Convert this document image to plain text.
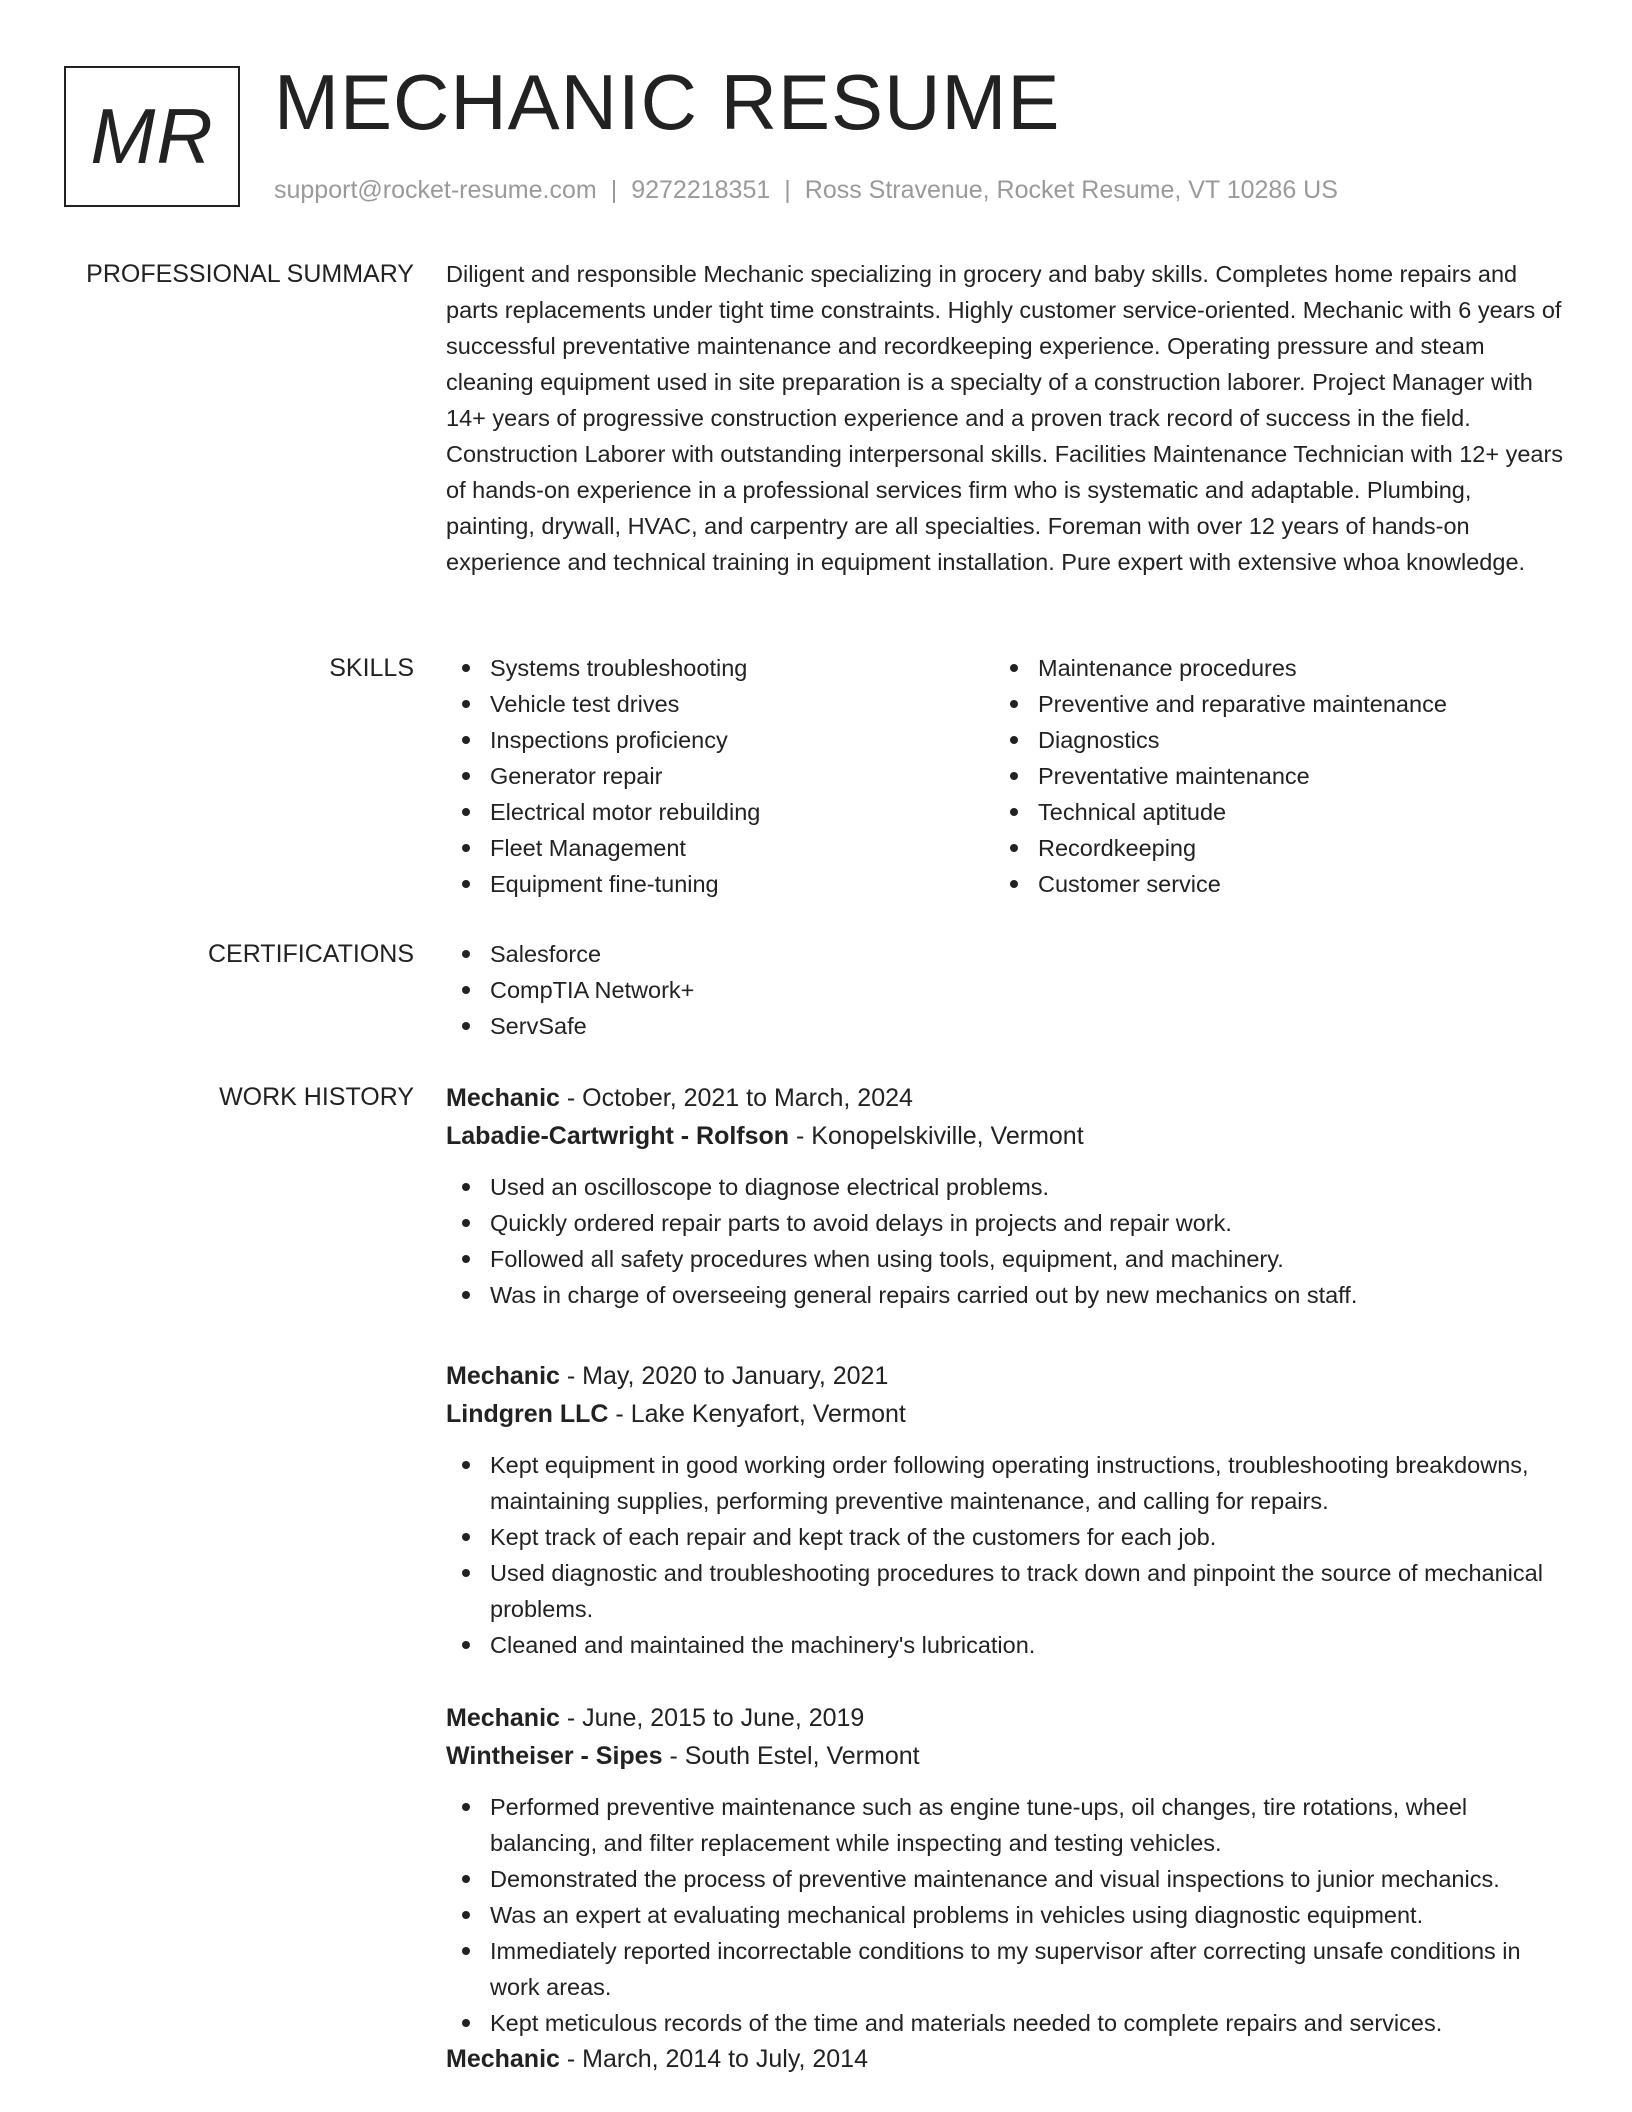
MR MECHANIC RESUME
support@rocket-resume.com | 9272218351 | Ross Stravenue, Rocket Resume, VT 10286 US
PROFESSIONAL SUMMARY Diligent and responsible Mechanic specializing in grocery and baby skills. Completes home repairs and parts replacements under tight time constraints. Highly customer service-oriented. Mechanic with 6 years of successful preventative maintenance and recordkeeping experience. Operating pressure and steam cleaning equipment used in site preparation is a specialty of a construction laborer. Project Manager with 14+ years of progressive construction experience and a proven track record of success in the field. Construction Laborer with outstanding interpersonal skills. Facilities Maintenance Technician with 12+ years of hands-on experience in a professional services firm who is systematic and adaptable. Plumbing, painting, drywall, HVAC, and carpentry are all specialties. Foreman with over 12 years of hands-on experience and technical training in equipment installation. Pure expert with extensive whoa knowledge.

SKILLS	Systems troubleshooting
Vehicle test drives
Inspections proficiency
Generator repair
Electrical motor rebuilding
Fleet Management
Equipment fine-tuning
Maintenance procedures
Preventive and reparative maintenance
Diagnostics
Preventative maintenance
Technical aptitude
Recordkeeping
Customer service
CERTIFICATIONS	Salesforce
CompTIA Network+
ServSafe
WORK HISTORY Mechanic - October, 2021 to March, 2024
Labadie-Cartwright - Rolfson - Konopelskiville, Vermont
Used an oscilloscope to diagnose electrical problems.
Quickly ordered repair parts to avoid delays in projects and repair work.
Followed all safety procedures when using tools, equipment, and machinery.
Was in charge of overseeing general repairs carried out by new mechanics on staff.
Mechanic - May, 2020 to January, 2021
Lindgren LLC - Lake Kenyafort, Vermont
Kept equipment in good working order following operating instructions, troubleshooting breakdowns, maintaining supplies, performing preventive maintenance, and calling for repairs.
Kept track of each repair and kept track of the customers for each job.
Used diagnostic and troubleshooting procedures to track down and pinpoint the source of mechanical problems.
Cleaned and maintained the machinery's lubrication.
Mechanic - June, 2015 to June, 2019
Wintheiser - Sipes - South Estel, Vermont
Performed preventive maintenance such as engine tune-ups, oil changes, tire rotations, wheel balancing, and filter replacement while inspecting and testing vehicles.
Demonstrated the process of preventive maintenance and visual inspections to junior mechanics.
Was an expert at evaluating mechanical problems in vehicles using diagnostic equipment.
Immediately reported incorrectable conditions to my supervisor after correcting unsafe conditions in work areas.
Kept meticulous records of the time and materials needed to complete repairs and services.
Mechanic - March, 2014 to July, 2014
